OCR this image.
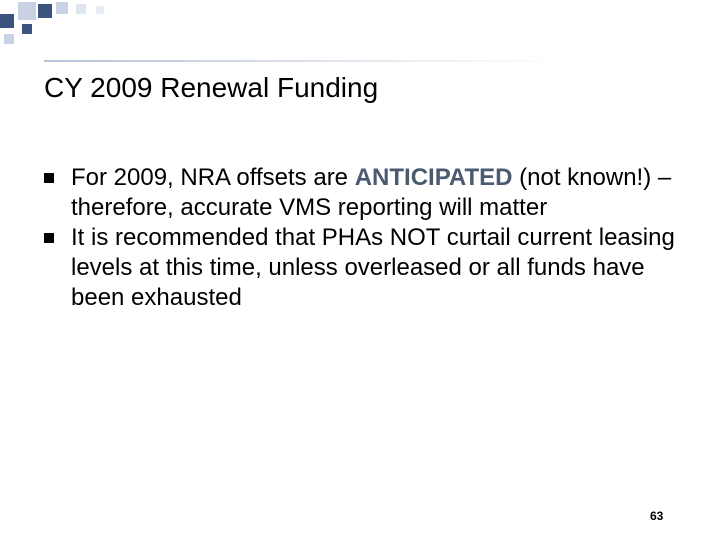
CY 2009 Renewal Funding
For 2009, NRA offsets are ANTICIPATED (not known!) – therefore, accurate VMS reporting will matter
It is recommended that PHAs NOT curtail current leasing levels at this time, unless overleased or all funds have been exhausted
63
